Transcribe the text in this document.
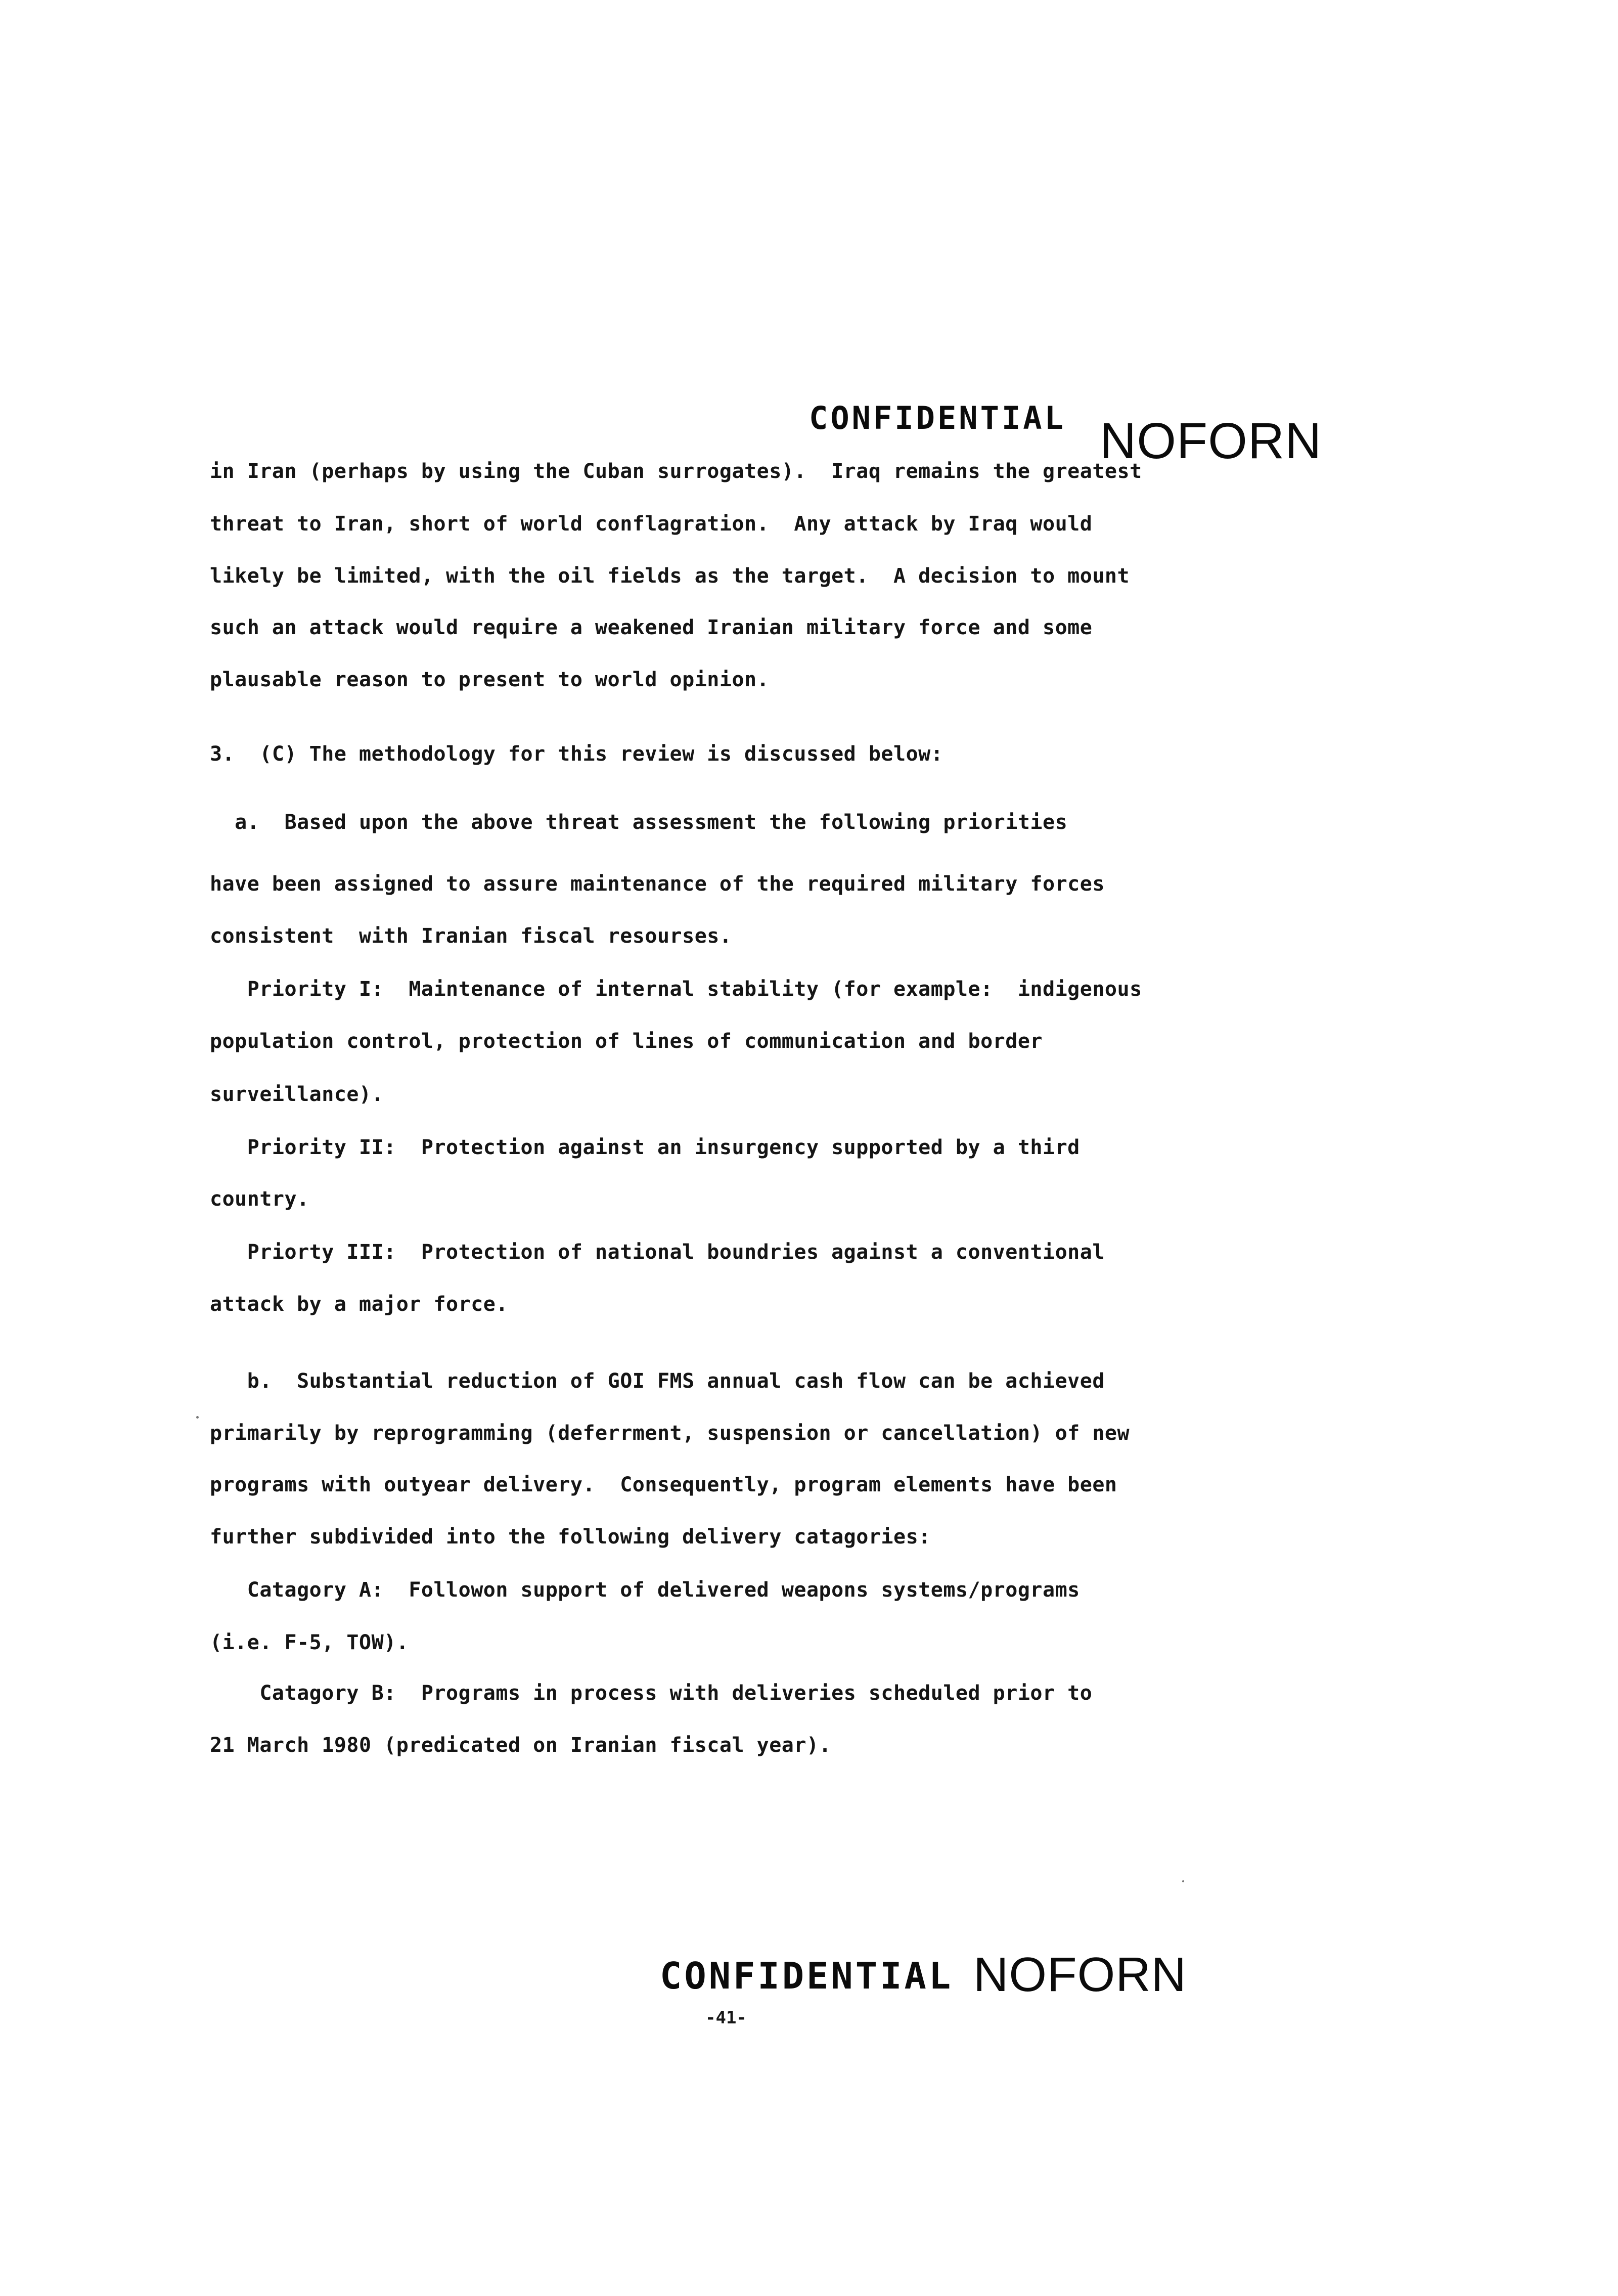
CONFIDENTIAL NOFORN

in Iran (perhaps by using the Cuban surrogates).  Iraq remains the greatest

threat to Iran, short of world conflagration.  Any attack by Iraq would

likely be limited, with the oil fields as the target.  A decision to mount

such an attack would require a weakened Iranian military force and some

plausable reason to present to world opinion.

3.  (C) The methodology for this review is discussed below:

a.  Based upon the above threat assessment the following priorities

have been assigned to assure maintenance of the required military forces

consistent  with Iranian fiscal resourses.

Priority I:  Maintenance of internal stability (for example:  indigenous

population control, protection of lines of communication and border

surveillance).

Priority II:  Protection against an insurgency supported by a third

country.

Priorty III:  Protection of national boundries against a conventional

attack by a major force.

b.  Substantial reduction of GOI FMS annual cash flow can be achieved

primarily by reprogramming (deferrment, suspension or cancellation) of new

programs with outyear delivery.  Consequently, program elements have been

further subdivided into the following delivery catagories:

Catagory A:  Followon support of delivered weapons systems/programs

(i.e. F-5, TOW).

Catagory B:  Programs in process with deliveries scheduled prior to

21 March 1980 (predicated on Iranian fiscal year).

CONFIDENTIAL NOFORN
-41-
